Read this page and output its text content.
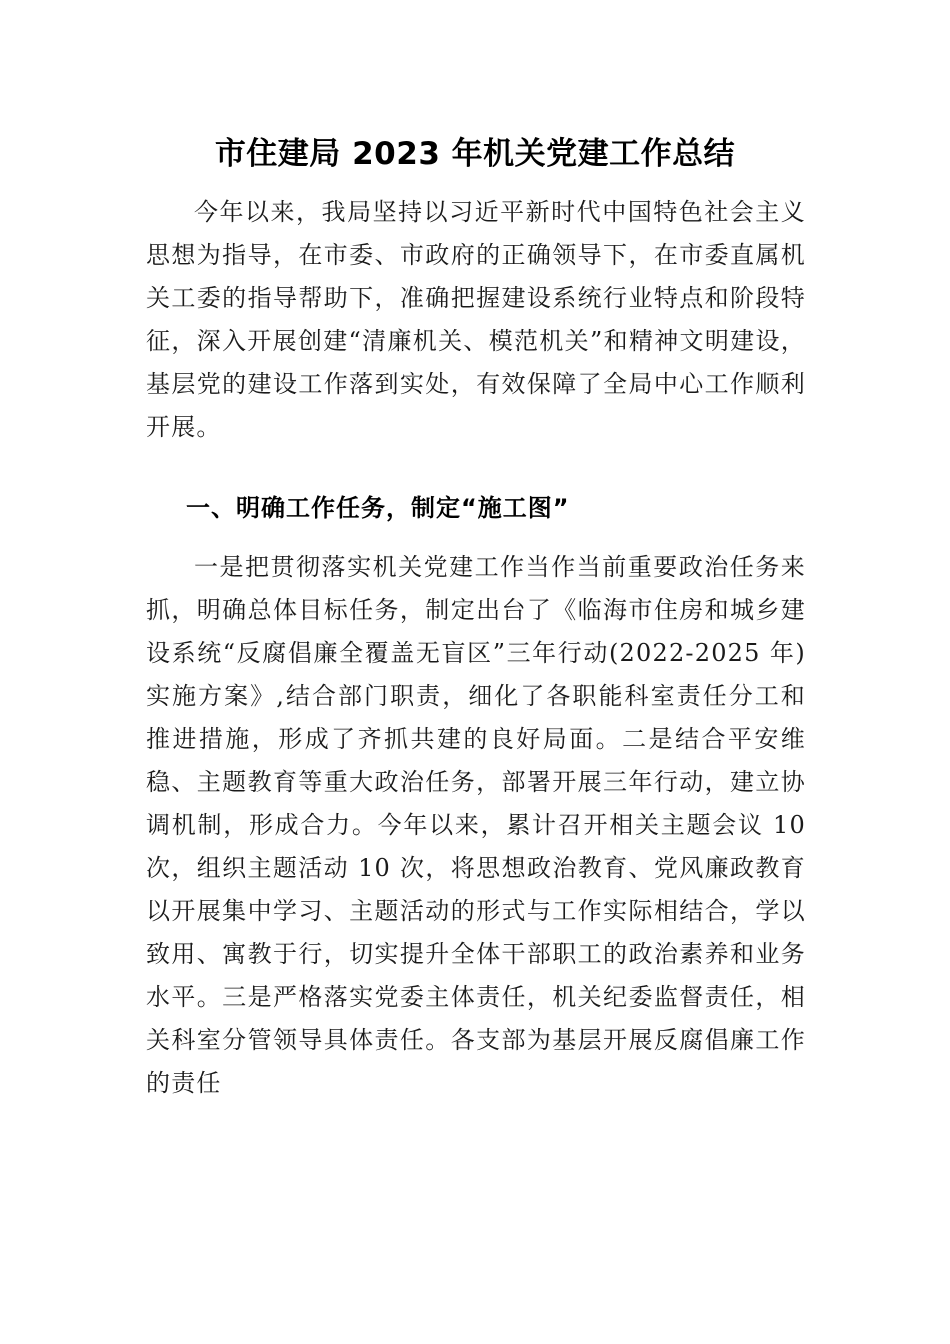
市住建局 2023 年机关党建工作总结

今年以来，我局坚持以习近平新时代中国特色社会主义思想为指导，在市委、市政府的正确领导下，在市委直属机关工委的指导帮助下，准确把握建设系统行业特点和阶段特征，深入开展创建“清廉机关、模范机关”和精神文明建设，基层党的建设工作落到实处，有效保障了全局中心工作顺利开展。

一、明确工作任务，制定“施工图”

一是把贯彻落实机关党建工作当作当前重要政治任务来抓，明确总体目标任务，制定出台了《临海市住房和城乡建设系统“反腐倡廉全覆盖无盲区”三年行动(2022-2025 年)实施方案》,结合部门职责，细化了各职能科室责任分工和推进措施，形成了齐抓共建的良好局面。二是结合平安维稳、主题教育等重大政治任务，部署开展三年行动，建立协调机制，形成合力。今年以来，累计召开相关主题会议 10 次，组织主题活动 10 次，将思想政治教育、党风廉政教育以开展集中学习、主题活动的形式与工作实际相结合，学以致用、寓教于行，切实提升全体干部职工的政治素养和业务水平。三是严格落实党委主体责任，机关纪委监督责任，相关科室分管领导具体责任。各支部为基层开展反腐倡廉工作的责任
